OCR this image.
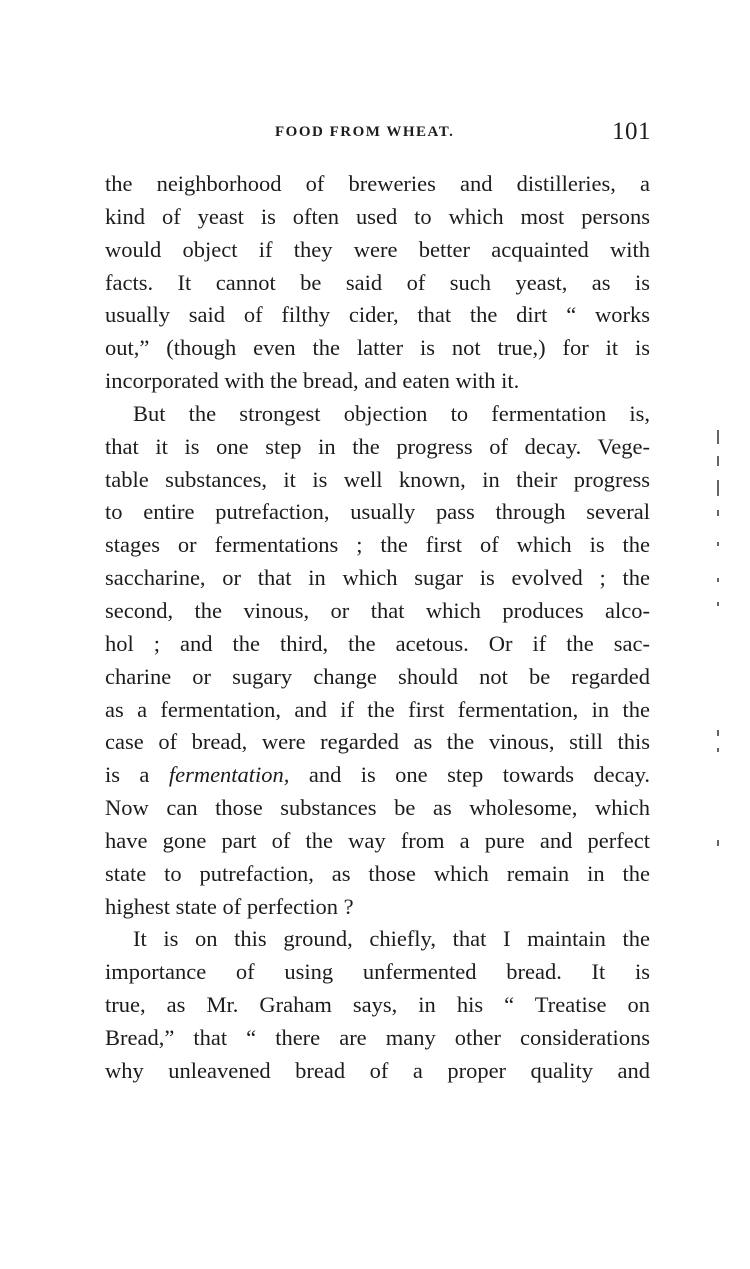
FOOD FROM WHEAT.	101
the neighborhood of breweries and distilleries, a
kind of yeast is often used to which most persons
would object if they were better acquainted with
facts. It cannot be said of such yeast, as is
usually said of filthy cider, that the dirt “ works
out,” (though even the latter is not true,) for it is
incorporated with the bread, and eaten with it.
But the strongest objection to fermentation is,
that it is one step in the progress of decay. Vege-
table substances, it is well known, in their progress
to entire putrefaction, usually pass through several
stages or fermentations ; the first of which is the
saccharine, or that in which sugar is evolved ; the
second, the vinous, or that which produces alco-
hol ; and the third, the acetous. Or if the sac-
charine or sugary change should not be regarded
as a fermentation, and if the first fermentation, in the
case of bread, were regarded as the vinous, still this
is a fermentation, and is one step towards decay.
Now can those substances be as wholesome, which
have gone part of the way from a pure and perfect
state to putrefaction, as those which remain in the
highest state of perfection ?
It is on this ground, chiefly, that I maintain the
importance of using unfermented bread. It is
true, as Mr. Graham says, in his “ Treatise on
Bread,” that “ there are many other considerations
why unleavened bread of a proper quality and
